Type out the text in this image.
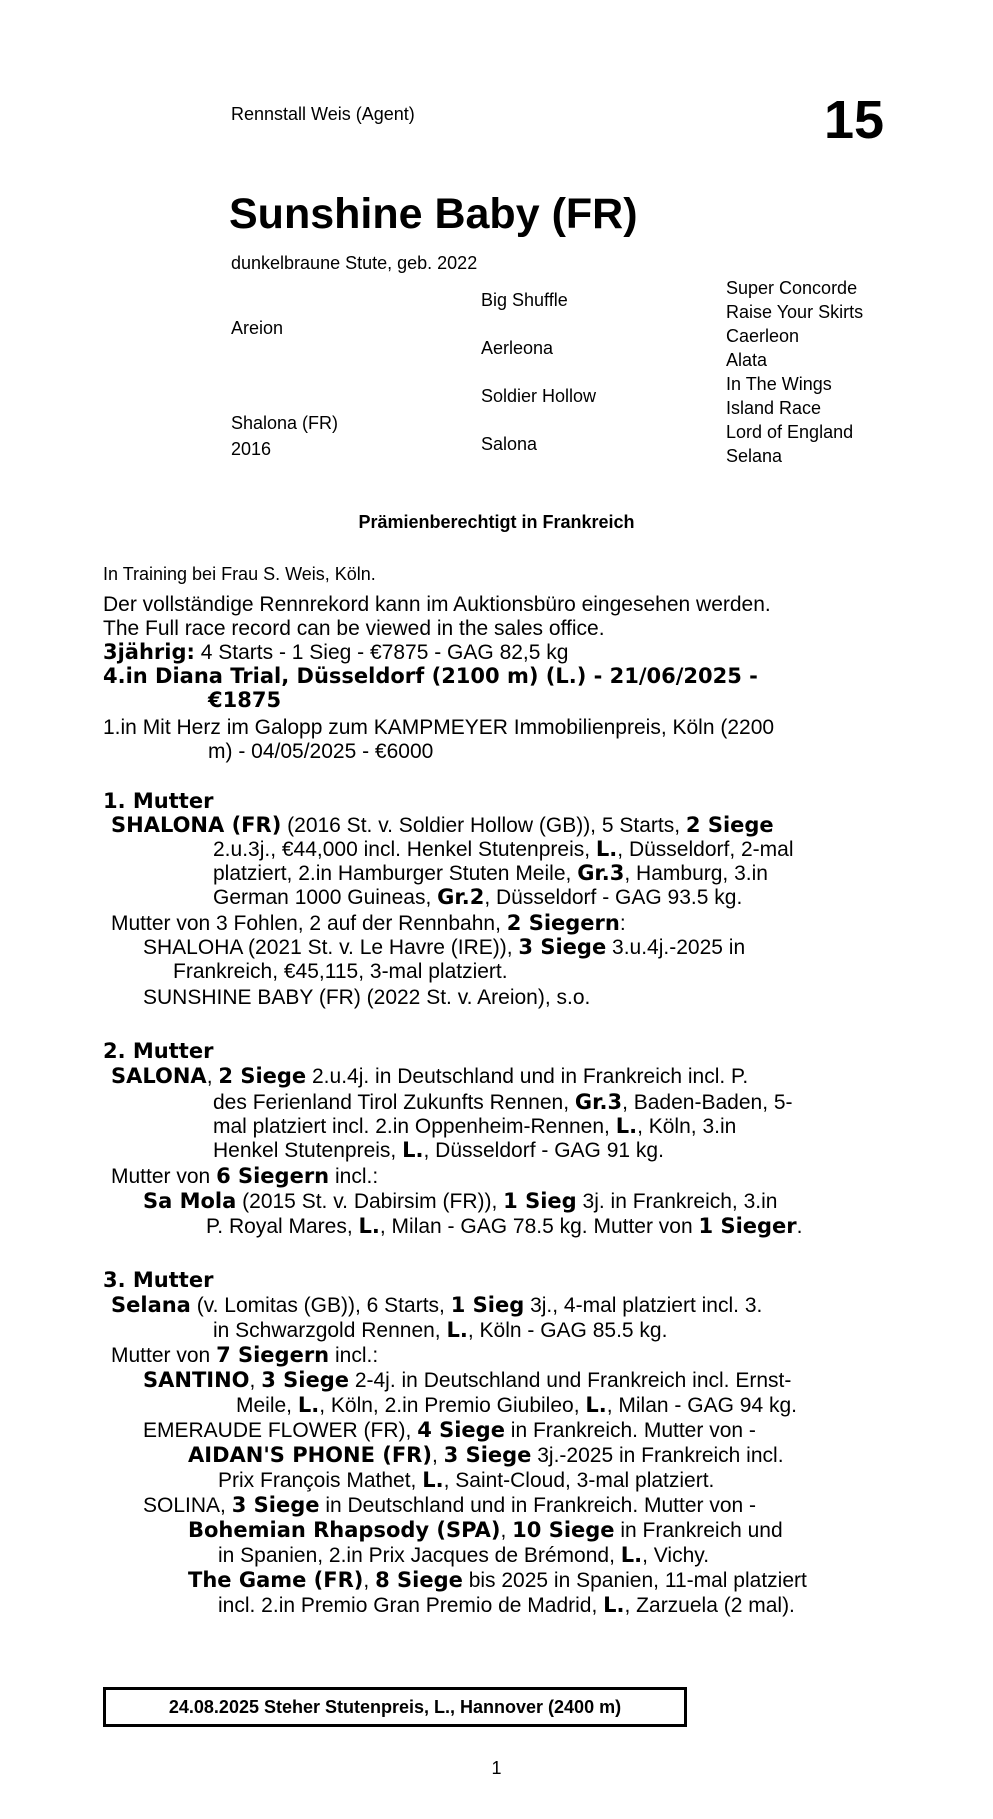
Rennstall Weis (Agent)	15
Sunshine Baby (FR)
dunkelbraune Stute, geb. 2022
Areion
Shalona (FR)
2016
Big Shuffle
Aerleona
Soldier Hollow
Salona
Super Concorde
Raise Your Skirts
Caerleon
Alata
In The Wings
Island Race
Lord of England
Selana
Prämienberechtigt in Frankreich
In Training bei Frau S. Weis, Köln.
Der vollständige Rennrekord kann im Auktionsbüro eingesehen werden.
The Full race record can be viewed in the sales office.
3jährig: 4 Starts - 1 Sieg - €7875 - GAG 82,5 kg
4.in Diana Trial, Düsseldorf (2100 m) (L.) - 21/06/2025 -
€1875
1.in Mit Herz im Galopp zum KAMPMEYER Immobilienpreis, Köln (2200
m) - 04/05/2025 - €6000
1. Mutter
SHALONA (FR) (2016 St. v. Soldier Hollow (GB)), 5 Starts, 2 Siege
2.u.3j., €44,000 incl. Henkel Stutenpreis, L., Düsseldorf, 2-mal
platziert, 2.in Hamburger Stuten Meile, Gr.3, Hamburg, 3.in
German 1000 Guineas, Gr.2, Düsseldorf - GAG 93.5 kg.
Mutter von 3 Fohlen, 2 auf der Rennbahn, 2 Siegern:
SHALOHA (2021 St. v. Le Havre (IRE)), 3 Siege 3.u.4j.-2025 in
Frankreich, €45,115, 3-mal platziert.
SUNSHINE BABY (FR) (2022 St. v. Areion), s.o.
2. Mutter
SALONA, 2 Siege 2.u.4j. in Deutschland und in Frankreich incl. P.
des Ferienland Tirol Zukunfts Rennen, Gr.3, Baden-Baden, 5-
mal platziert incl. 2.in Oppenheim-Rennen, L., Köln, 3.in
Henkel Stutenpreis, L., Düsseldorf - GAG 91 kg.
Mutter von 6 Siegern incl.:
Sa Mola (2015 St. v. Dabirsim (FR)), 1 Sieg 3j. in Frankreich, 3.in
P. Royal Mares, L., Milan - GAG 78.5 kg. Mutter von 1 Sieger.
3. Mutter
Selana (v. Lomitas (GB)), 6 Starts, 1 Sieg 3j., 4-mal platziert incl. 3.
in Schwarzgold Rennen, L., Köln - GAG 85.5 kg.
Mutter von 7 Siegern incl.:
SANTINO, 3 Siege 2-4j. in Deutschland und Frankreich incl. Ernst-
Meile, L., Köln, 2.in Premio Giubileo, L., Milan - GAG 94 kg.
EMERAUDE FLOWER (FR), 4 Siege in Frankreich. Mutter von -
AIDAN'S PHONE (FR), 3 Siege 3j.-2025 in Frankreich incl.
Prix François Mathet, L., Saint-Cloud, 3-mal platziert.
SOLINA, 3 Siege in Deutschland und in Frankreich. Mutter von -
Bohemian Rhapsody (SPA), 10 Siege in Frankreich und
in Spanien, 2.in Prix Jacques de Brémond, L., Vichy.
The Game (FR), 8 Siege bis 2025 in Spanien, 11-mal platziert
incl. 2.in Premio Gran Premio de Madrid, L., Zarzuela (2 mal).
24.08.2025 Steher Stutenpreis, L., Hannover (2400 m)
1
